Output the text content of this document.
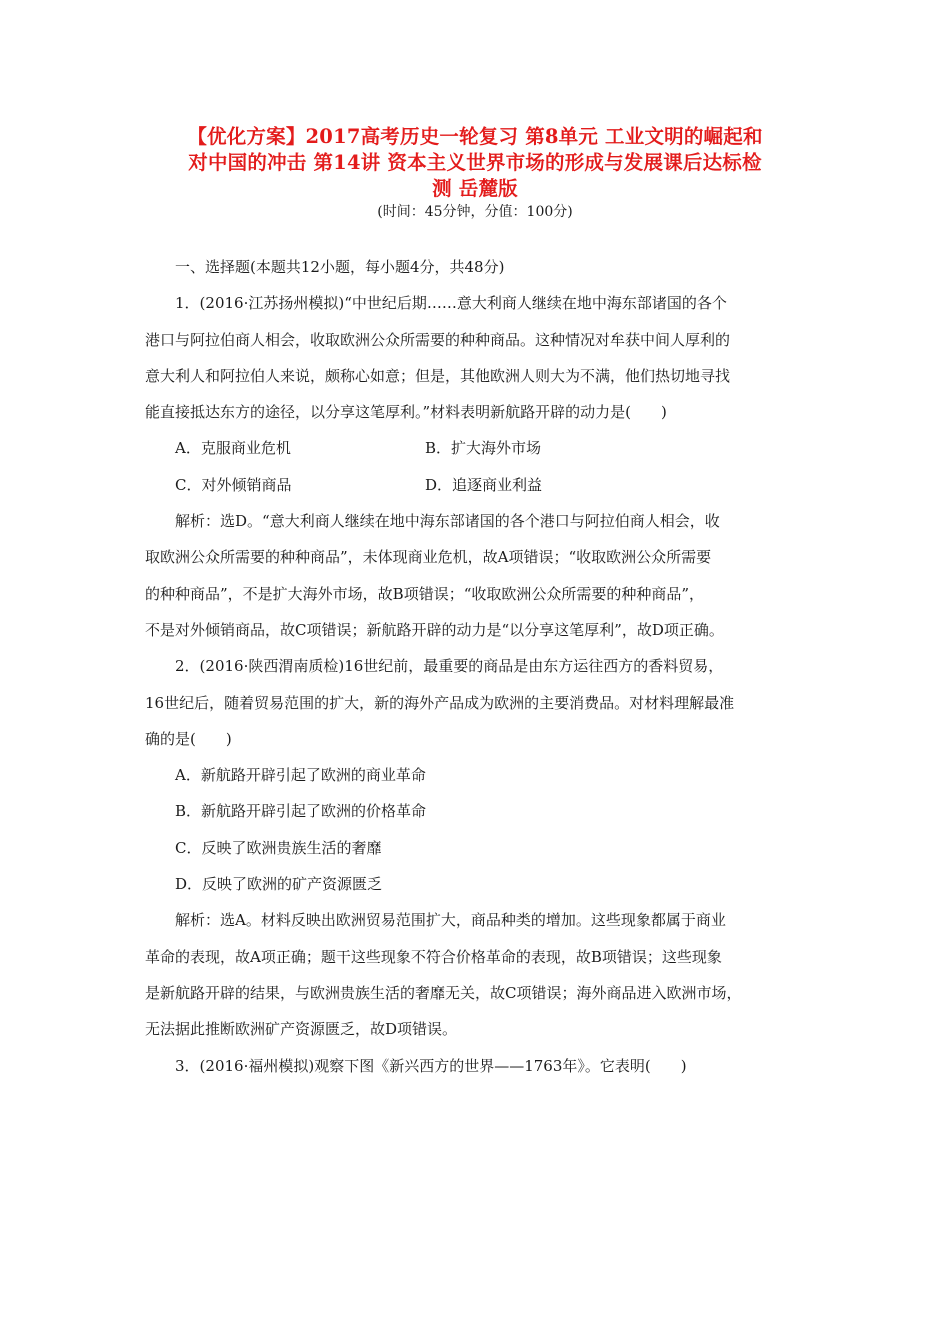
【优化方案】2017高考历史一轮复习 第8单元 工业文明的崛起和
对中国的冲击 第14讲 资本主义世界市场的形成与发展课后达标检
测 岳麓版
(时间：45分钟，分值：100分)
一、选择题(本题共12小题，每小题4分，共48分)
1．(2016·江苏扬州模拟)“中世纪后期……意大利商人继续在地中海东部诸国的各个
港口与阿拉伯商人相会，收取欧洲公众所需要的种种商品。这种情况对牟获中间人厚利的
意大利人和阿拉伯人来说，颇称心如意；但是，其他欧洲人则大为不满，他们热切地寻找
能直接抵达东方的途径，以分享这笔厚利。”材料表明新航路开辟的动力是(　　)
A．克服商业危机	B．扩大海外市场
C．对外倾销商品	D．追逐商业利益
解析：选D。“意大利商人继续在地中海东部诸国的各个港口与阿拉伯商人相会，收
取欧洲公众所需要的种种商品”，未体现商业危机，故A项错误；“收取欧洲公众所需要
的种种商品”，不是扩大海外市场，故B项错误；“收取欧洲公众所需要的种种商品”，
不是对外倾销商品，故C项错误；新航路开辟的动力是“以分享这笔厚利”，故D项正确。
2．(2016·陕西渭南质检)16世纪前，最重要的商品是由东方运往西方的香料贸易，
16世纪后，随着贸易范围的扩大，新的海外产品成为欧洲的主要消费品。对材料理解最准
确的是(　　)
A．新航路开辟引起了欧洲的商业革命
B．新航路开辟引起了欧洲的价格革命
C．反映了欧洲贵族生活的奢靡
D．反映了欧洲的矿产资源匮乏
解析：选A。材料反映出欧洲贸易范围扩大，商品种类的增加。这些现象都属于商业
革命的表现，故A项正确；题干这些现象不符合价格革命的表现，故B项错误；这些现象
是新航路开辟的结果，与欧洲贵族生活的奢靡无关，故C项错误；海外商品进入欧洲市场，
无法据此推断欧洲矿产资源匮乏，故D项错误。
3．(2016·福州模拟)观察下图《新兴西方的世界——1763年》。它表明(　　)
